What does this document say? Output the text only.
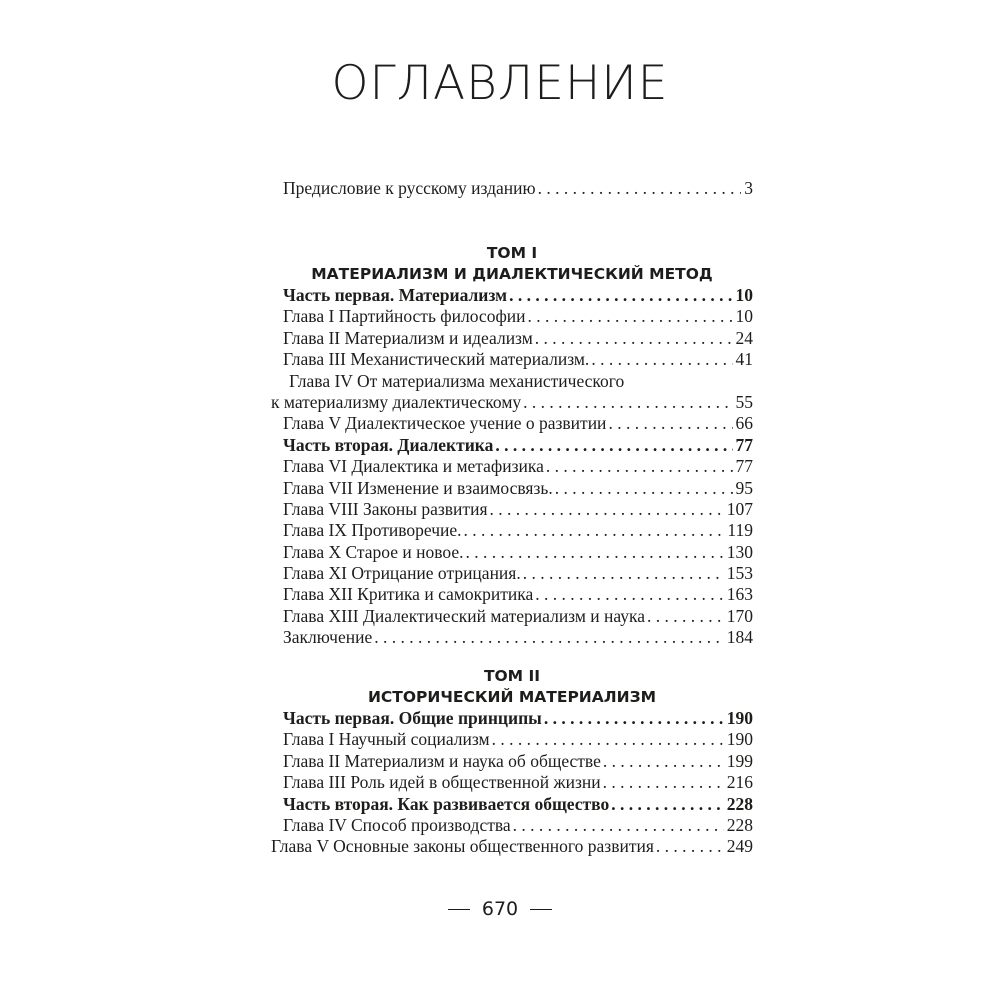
ОГЛАВЛЕНИЕ
Предисловие к русскому изданию . . .	3
ТОМ I
МАТЕРИАЛИЗМ И ДИАЛЕКТИЧЕСКИЙ МЕТОД
Часть первая. Материализм . . .	10
Глава I Партийность философии . . .	10
Глава II Материализм и идеализм . . .	24
Глава III Механистический материализм. . . .	41
Глава IV От материализма механистического
к материализму диалектическому . . .	55
Глава V Диалектическое учение о развитии . . .	66
Часть вторая. Диалектика . . .	77
Глава VI Диалектика и метафизика . . .	77
Глава VII Изменение и взаимосвязь. . . .	95
Глава VIII Законы развития . . .	107
Глава IX Противоречие. . . .	119
Глава X Старое и новое. . . .	130
Глава XI Отрицание отрицания. . . .	153
Глава XII Критика и самокритика . . .	163
Глава XIII Диалектический материализм и наука . . .	170
Заключение . . .	184
ТОМ II
ИСТОРИЧЕСКИЙ МАТЕРИАЛИЗМ
Часть первая. Общие принципы . . .	190
Глава I Научный социализм . . .	190
Глава II Материализм и наука об обществе . . .	199
Глава III Роль идей в общественной жизни . . .	216
Часть вторая. Как развивается общество . . .	228
Глава IV Способ производства . . .	228
Глава V Основные законы общественного развития . . .	249
670
